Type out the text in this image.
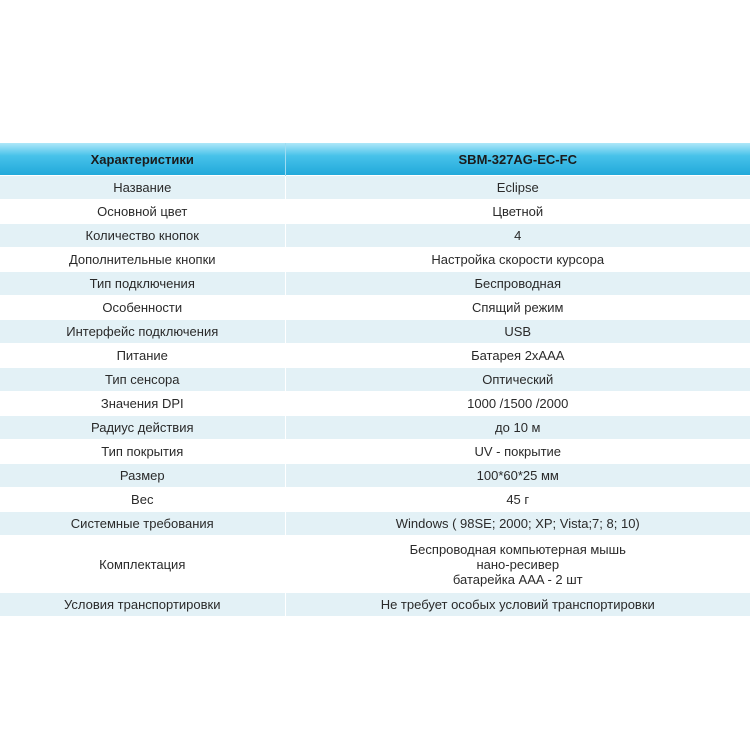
Характеристики	SBM-327AG-EC-FC
Название	Eclipse
Основной цвет	Цветной
Количество кнопок	4
Дополнительные кнопки	Настройка скорости курсора
Тип подключения	Беспроводная
Особенности	Спящий режим
Интерфейс подключения	USB
Питание	Батарея 2xAAA
Тип сенсора	Оптический
Значения DPI	1000 /1500 /2000
Радиус действия	до 10 м
Тип покрытия	UV - покрытие
Размер	100*60*25 мм
Вес	45 г
Системные требования	Windows ( 98SE; 2000; XP; Vista;7; 8; 10)
Комплектация	Беспроводная компьютерная мышь
нано-ресивер
батарейка AAA - 2 шт

Условия транспортировки	Не требует особых условий транспортировки
